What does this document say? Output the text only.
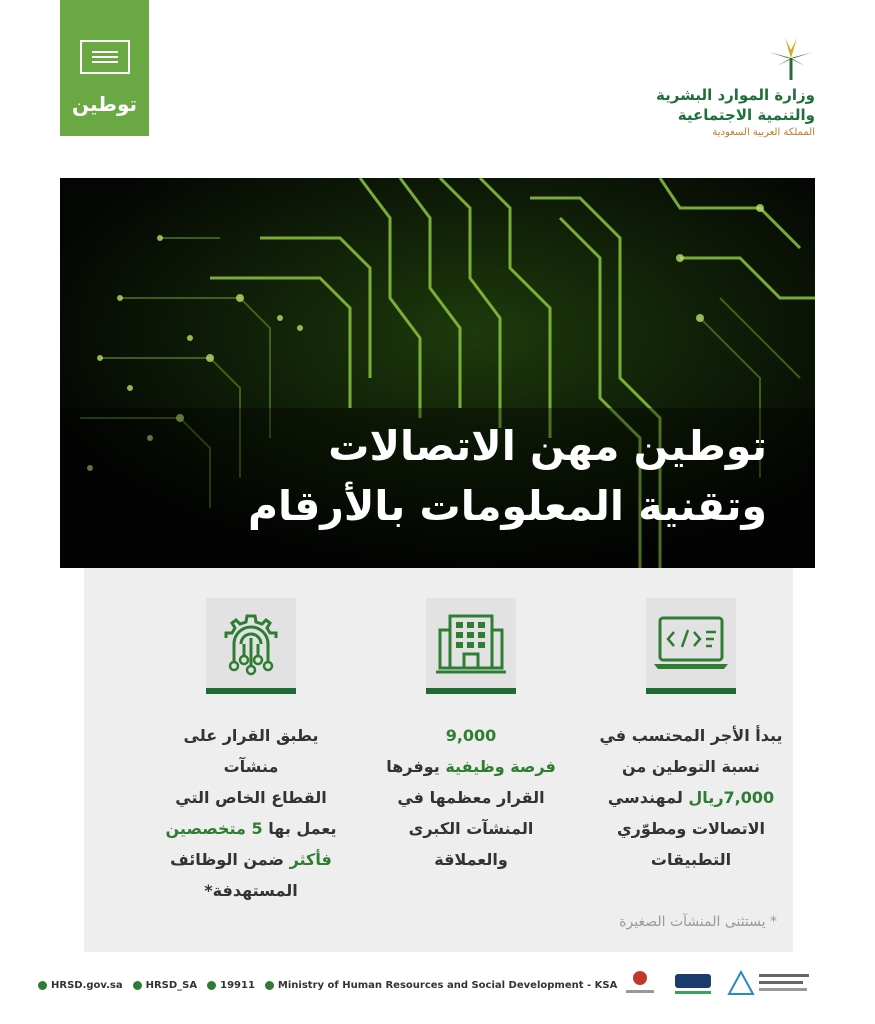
توطين	وزارة الموارد البشرية
والتنمية الاجتماعية
المملكة العربية السعودية
توطين مهن الاتصالات
وتقنية المعلومات بالأرقام
يبدأ الأجر المحتسب في
نسبة التوطين من
7,000ريال لمهندسي
الاتصالات ومطوّري
التطبيقات
9,000
فرصة وظيفية يوفرها
القرار معظمها في
المنشآت الكبرى
والعملاقة
يطبق القرار على منشآت
القطاع الخاص التي
يعمل بها 5 متخصصين
فأكثر ضمن الوظائف
المستهدفة*
* يستثنى المنشآت الصغيرة
HRSD.gov.sa HRSD_SA 19911 Ministry of Human Resources and Social Development - KSA
